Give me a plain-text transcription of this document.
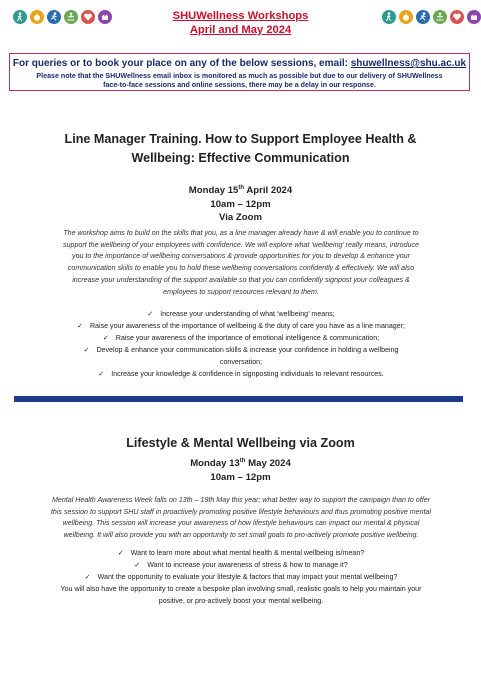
SHUWellness Workshops
April and May 2024
For queries or to book your place on any of the below sessions, email: shuwellness@shu.ac.uk
Please note that the SHUWellness email inbox is monitored as much as possible but due to our delivery of SHUWellness
face-to-face sessions and online sessions, there may be a delay in our response.
Line Manager Training. How to Support Employee Health &
Wellbeing: Effective Communication
Monday 15th April 2024
10am – 12pm
Via Zoom
The workshop aims to build on the skills that you, as a line manager already have & will enable you to continue to
support the wellbeing of your employees with confidence. We will explore what ‘wellbeing’ really means, introduce
you to the importance of wellbeing conversations & provide opportunities for you to develop & enhance your
communication skills to enable you to hold these wellbeing conversations confidently & effectively. We will also
increase your understanding of the support available so that you can confidently signpost your colleagues &
employees to support resources relevant to them.
✓ Increase your understanding of what ‘wellbeing’ means;
✓ Raise your awareness of the importance of wellbeing & the duty of care you have as a line manager;
✓ Raise your awareness of the importance of emotional intelligence & communication;
✓ Develop & enhance your communication skills & increase your confidence in holding a wellbeing
conversation;
✓ Increase your knowledge & confidence in signposting individuals to relevant resources.
Lifestyle & Mental Wellbeing via Zoom
Monday 13th May 2024
10am – 12pm
Mental Health Awareness Week falls on 13th – 19th May this year; what better way to support the campaign than to offer
this session to support SHU staff in proactively promoting positive lifestyle behaviours and thus promoting positive mental
wellbeing. This session will increase your awareness of how lifestyle behaviours can impact our mental & physical
wellbeing. It will also provide you with an opportunity to set small goals to pro-actively promote positive wellbeing.
✓ Want to learn more about what mental health & mental wellbeing is/mean?
✓ Want to increase your awareness of stress & how to manage it?
✓ Want the opportunity to evaluate your lifestyle & factors that may impact your mental wellbeing?
You will also have the opportunity to create a bespoke plan involving small, realistic goals to help you maintain your
positive, or pro-actively boost your mental wellbeing.
